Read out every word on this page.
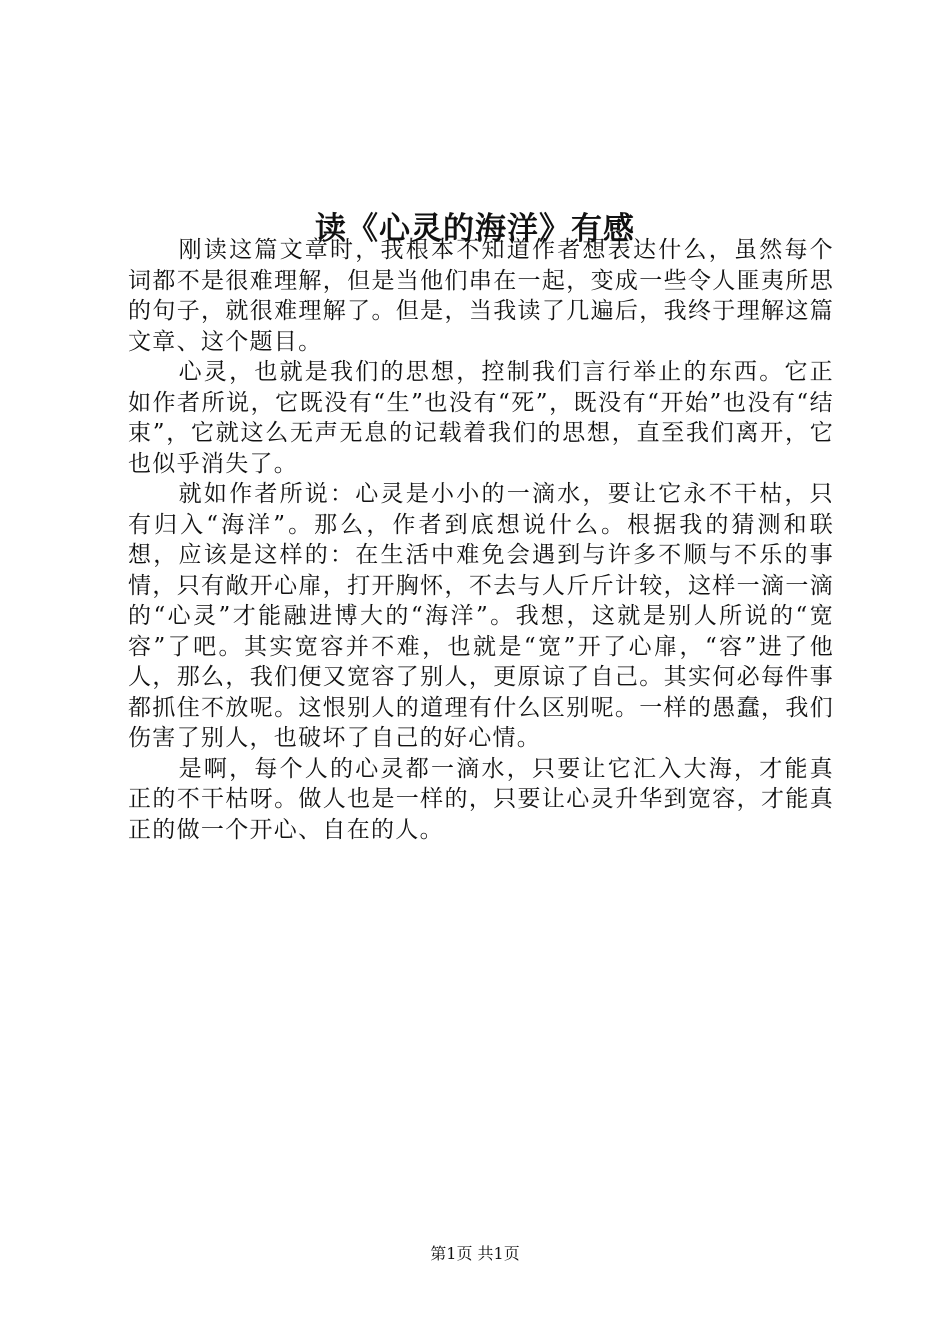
读《心灵的海洋》有感

刚读这篇文章时，我根本不知道作者想表达什么，虽然每个词都不是很难理解，但是当他们串在一起，变成一些令人匪夷所思的句子，就很难理解了。但是，当我读了几遍后，我终于理解这篇文章、这个题目。

心灵，也就是我们的思想，控制我们言行举止的东西。它正如作者所说，它既没有“生”也没有“死”，既没有“开始”也没有“结束”，它就这么无声无息的记载着我们的思想，直至我们离开，它也似乎消失了。

就如作者所说：心灵是小小的一滴水，要让它永不干枯，只有归入“海洋”。那么，作者到底想说什么。根据我的猜测和联想，应该是这样的：在生活中难免会遇到与许多不顺与不乐的事情，只有敞开心扉，打开胸怀，不去与人斤斤计较，这样一滴一滴的“心灵”才能融进博大的“海洋”。我想，这就是别人所说的“宽容”了吧。其实宽容并不难，也就是“宽”开了心扉，“容”进了他人，那么，我们便又宽容了别人，更原谅了自己。其实何必每件事都抓住不放呢。这恨别人的道理有什么区别呢。一样的愚蠢，我们伤害了别人，也破坏了自己的好心情。

是啊，每个人的心灵都一滴水，只要让它汇入大海，才能真正的不干枯呀。做人也是一样的，只要让心灵升华到宽容，才能真正的做一个开心、自在的人。

第1页 共1页
